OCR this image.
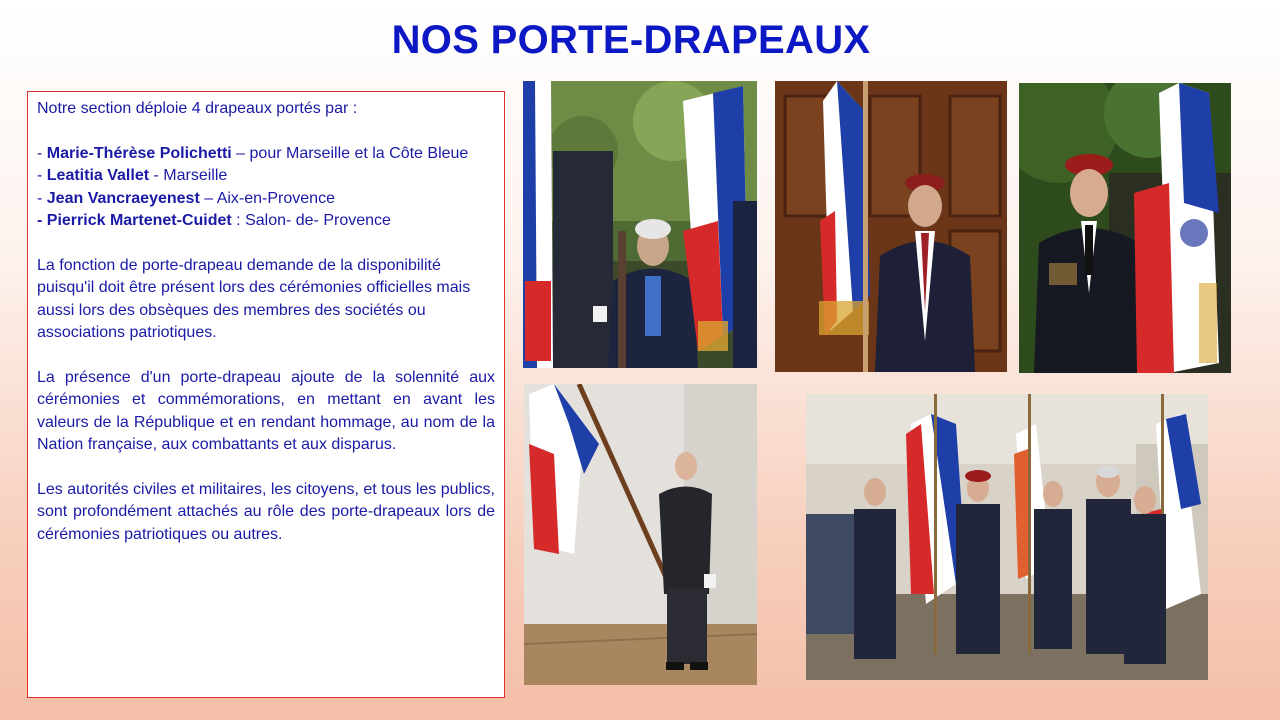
NOS PORTE-DRAPEAUX

Notre section déploie 4 drapeaux portés par :

- Marie-Thérèse Polichetti – pour Marseille et la Côte Bleue

- Leatitia Vallet - Marseille

- Jean Vancraeyenest – Aix-en-Provence

- Pierrick Martenet-Cuidet : Salon- de- Provence

La fonction de porte-drapeau demande de la disponibilité puisqu'il doit être présent lors des cérémonies officielles mais aussi lors des obsèques des membres des sociétés ou associations patriotiques.

La présence d'un porte-drapeau ajoute de la solennité aux cérémonies et commémorations, en mettant en avant les valeurs de la République et en rendant hommage, au nom de la Nation française, aux combattants et aux disparus.

Les autorités civiles et militaires, les citoyens, et tous les publics, sont profondément attachés au rôle des porte-drapeaux lors de cérémonies patriotiques ou autres.
